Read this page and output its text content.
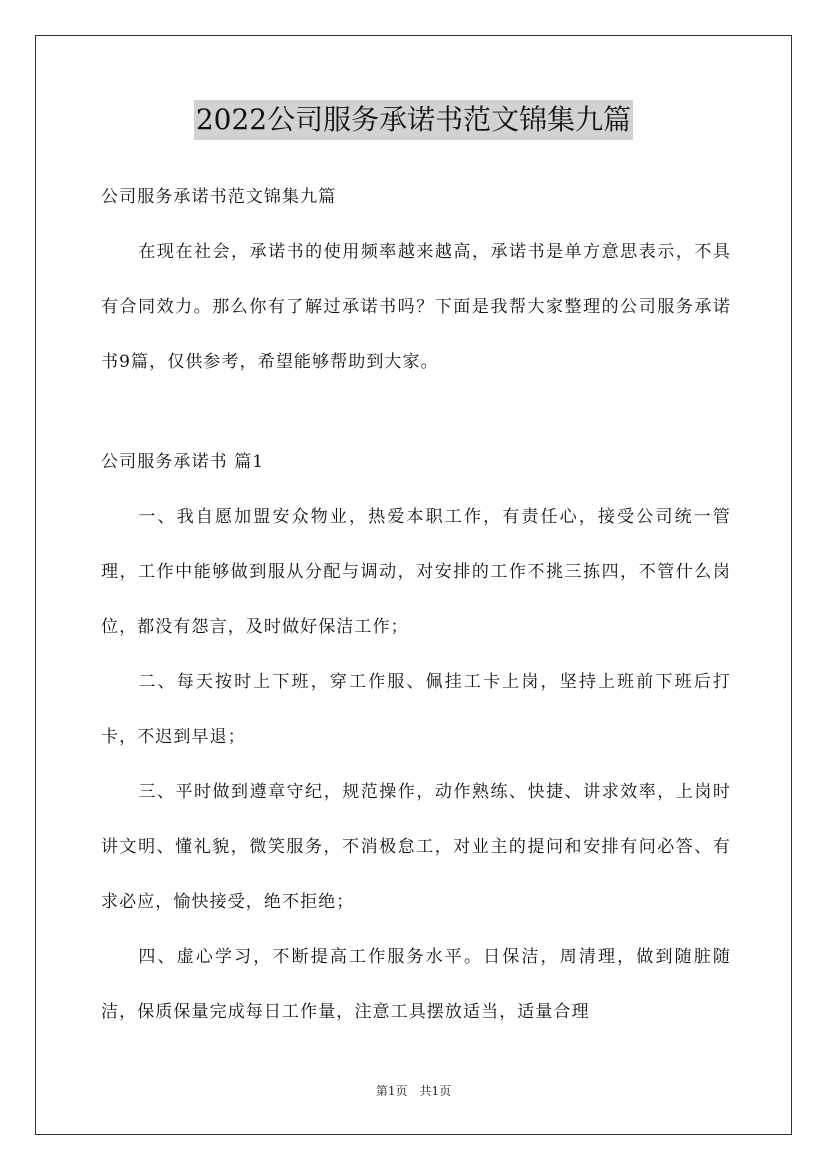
2022公司服务承诺书范文锦集九篇

公司服务承诺书范文锦集九篇

在现在社会，承诺书的使用频率越来越高，承诺书是单方意思表示，不具有合同效力。那么你有了解过承诺书吗？下面是我帮大家整理的公司服务承诺书9篇，仅供参考，希望能够帮助到大家。

公司服务承诺书 篇1

一、我自愿加盟安众物业，热爱本职工作，有责任心，接受公司统一管理，工作中能够做到服从分配与调动，对安排的工作不挑三拣四，不管什么岗位，都没有怨言，及时做好保洁工作；

二、每天按时上下班，穿工作服、佩挂工卡上岗，坚持上班前下班后打卡，不迟到早退；

三、平时做到遵章守纪，规范操作，动作熟练、快捷、讲求效率，上岗时讲文明、懂礼貌，微笑服务，不消极怠工，对业主的提问和安排有问必答、有求必应，愉快接受，绝不拒绝；

四、虚心学习，不断提高工作服务水平。日保洁，周清理，做到随脏随洁，保质保量完成每日工作量，注意工具摆放适当，适量合理

第1页　共1页
